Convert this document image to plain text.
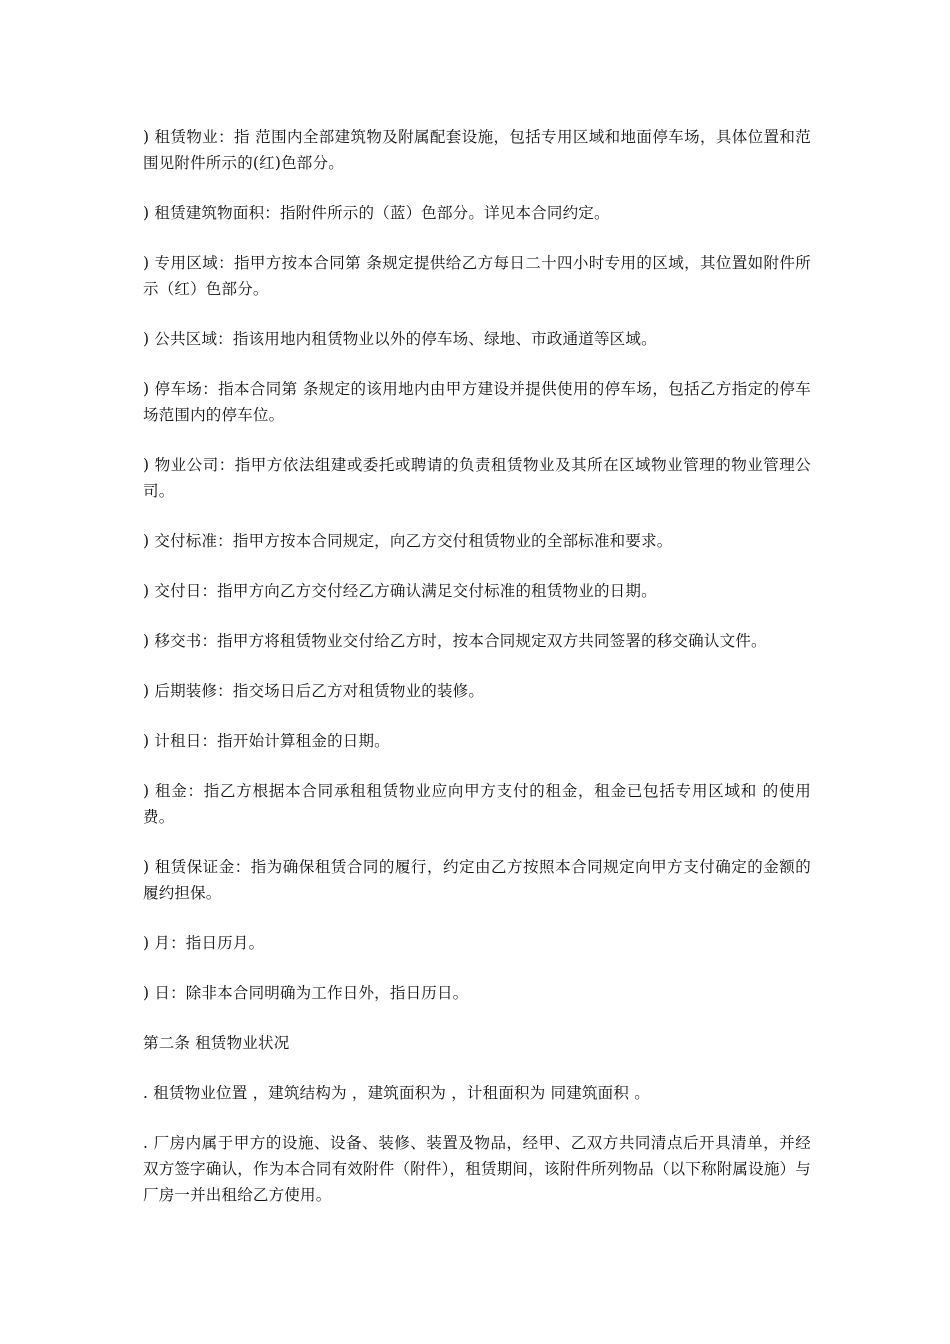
) 租赁物业：指 范围内全部建筑物及附属配套设施，包括专用区域和地面停车场，具体位置和范围见附件所示的(红)色部分。

) 租赁建筑物面积：指附件所示的（蓝）色部分。详见本合同约定。

) 专用区域：指甲方按本合同第 条规定提供给乙方每日二十四小时专用的区域，其位置如附件所示（红）色部分。

) 公共区域：指该用地内租赁物业以外的停车场、绿地、市政通道等区域。

) 停车场：指本合同第 条规定的该用地内由甲方建设并提供使用的停车场，包括乙方指定的停车场范围内的停车位。

) 物业公司：指甲方依法组建或委托或聘请的负责租赁物业及其所在区域物业管理的物业管理公司。

) 交付标准：指甲方按本合同规定，向乙方交付租赁物业的全部标准和要求。

) 交付日：指甲方向乙方交付经乙方确认满足交付标准的租赁物业的日期。

) 移交书：指甲方将租赁物业交付给乙方时，按本合同规定双方共同签署的移交确认文件。

) 后期装修：指交场日后乙方对租赁物业的装修。

) 计租日：指开始计算租金的日期。

) 租金：指乙方根据本合同承租租赁物业应向甲方支付的租金，租金已包括专用区域和 的使用费。

) 租赁保证金：指为确保租赁合同的履行，约定由乙方按照本合同规定向甲方支付确定的金额的履约担保。

) 月：指日历月。

) 日：除非本合同明确为工作日外，指日历日。

第二条 租赁物业状况

. 租赁物业位置 ，建筑结构为 ，建筑面积为 ，计租面积为 同建筑面积 。

. 厂房内属于甲方的设施、设备、装修、装置及物品，经甲、乙双方共同清点后开具清单，并经双方签字确认，作为本合同有效附件（附件），租赁期间，该附件所列物品（以下称附属设施）与厂房一并出租给乙方使用。
